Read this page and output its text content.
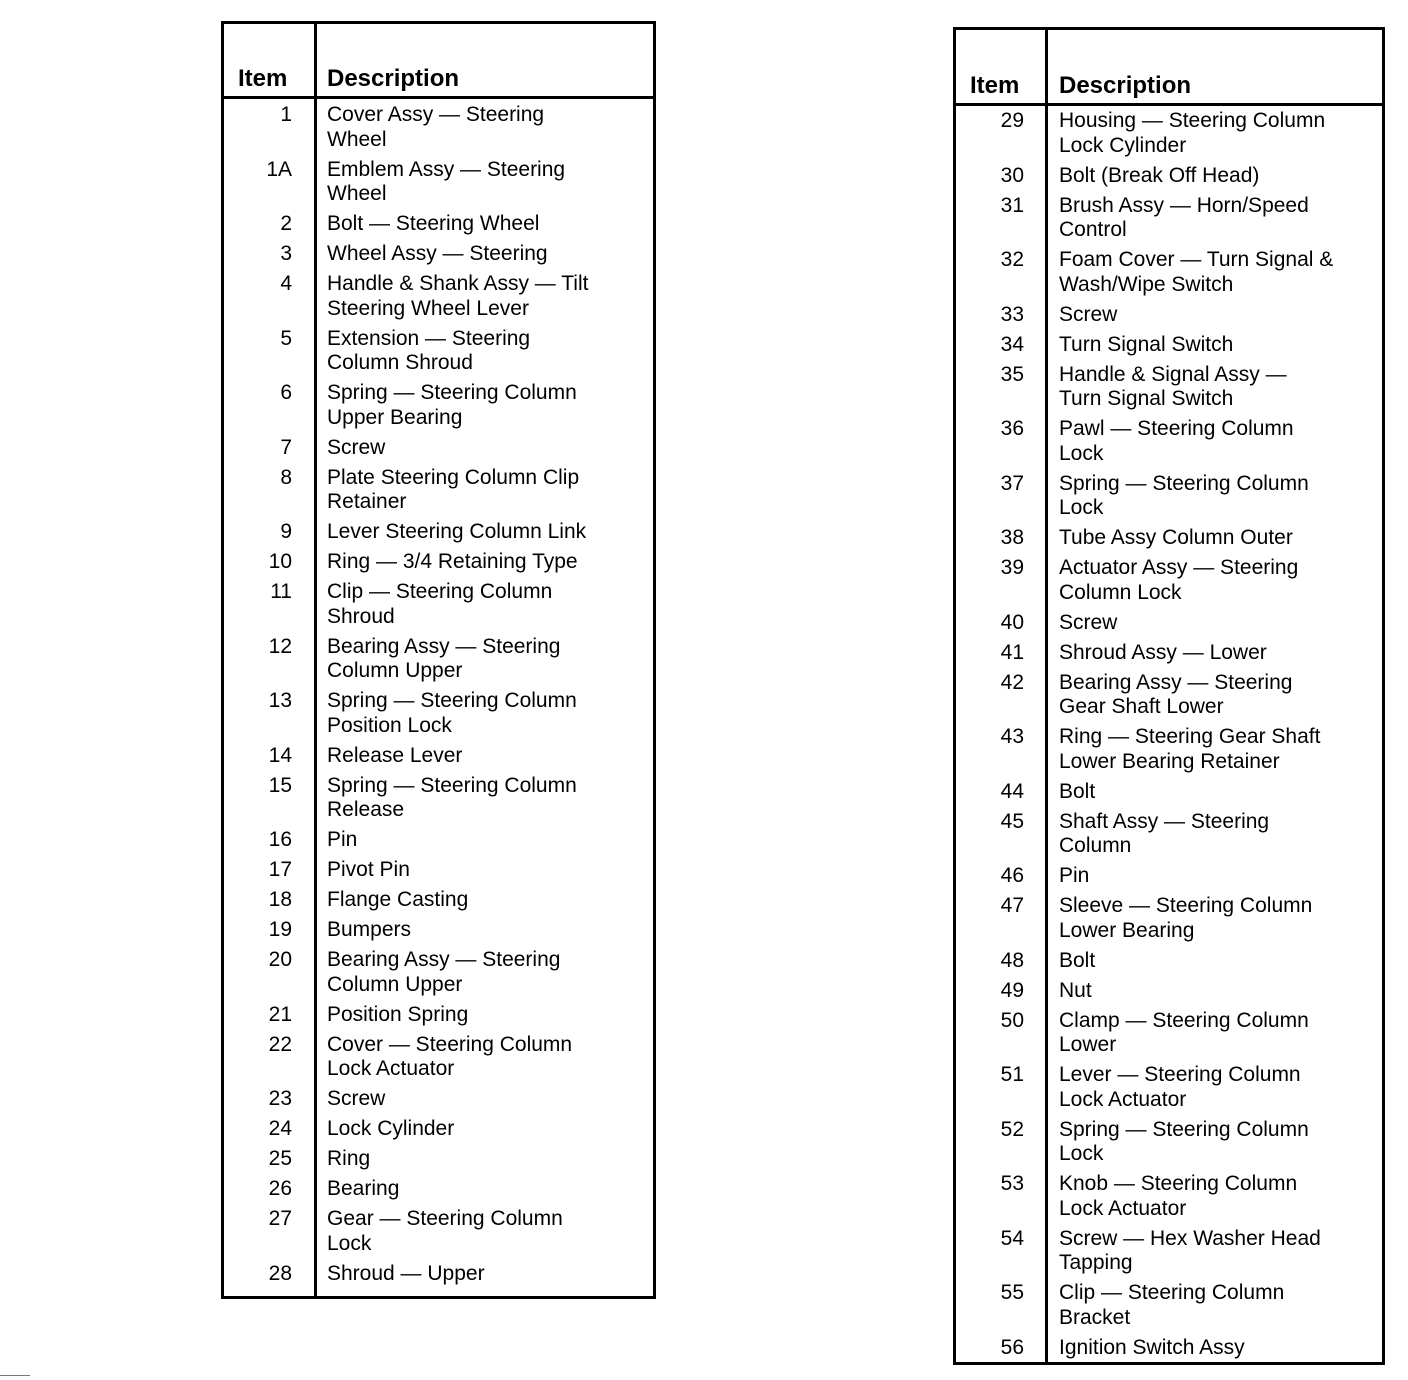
Item Description
1 Cover Assy — Steering
Wheel
1A Emblem Assy — Steering
Wheel
2 Bolt — Steering Wheel
3 Wheel Assy — Steering
4 Handle & Shank Assy — Tilt
Steering Wheel Lever
5 Extension — Steering
Column Shroud
6 Spring — Steering Column
Upper Bearing
7 Screw
8 Plate Steering Column Clip
Retainer
9 Lever Steering Column Link
10 Ring — 3/4 Retaining Type
11 Clip — Steering Column
Shroud
12 Bearing Assy — Steering
Column Upper
13 Spring — Steering Column
Position Lock
14 Release Lever
15 Spring — Steering Column
Release
16 Pin
17 Pivot Pin
18 Flange Casting
19 Bumpers
20 Bearing Assy — Steering
Column Upper
21 Position Spring
22 Cover — Steering Column
Lock Actuator
23 Screw
24 Lock Cylinder
25 Ring
26 Bearing
27 Gear — Steering Column
Lock
28 Shroud — Upper
Item Description
29 Housing — Steering Column
Lock Cylinder
30 Bolt (Break Off Head)
31 Brush Assy — Horn/Speed
Control
32 Foam Cover — Turn Signal &
Wash/Wipe Switch
33 Screw
34 Turn Signal Switch
35 Handle & Signal Assy —
Turn Signal Switch
36 Pawl — Steering Column
Lock
37 Spring — Steering Column
Lock
38 Tube Assy Column Outer
39 Actuator Assy — Steering
Column Lock
40 Screw
41 Shroud Assy — Lower
42 Bearing Assy — Steering
Gear Shaft Lower
43 Ring — Steering Gear Shaft
Lower Bearing Retainer
44 Bolt
45 Shaft Assy — Steering
Column
46 Pin
47 Sleeve — Steering Column
Lower Bearing
48 Bolt
49 Nut
50 Clamp — Steering Column
Lower
51 Lever — Steering Column
Lock Actuator
52 Spring — Steering Column
Lock
53 Knob — Steering Column
Lock Actuator
54 Screw — Hex Washer Head
Tapping
55 Clip — Steering Column
Bracket
56 Ignition Switch Assy
